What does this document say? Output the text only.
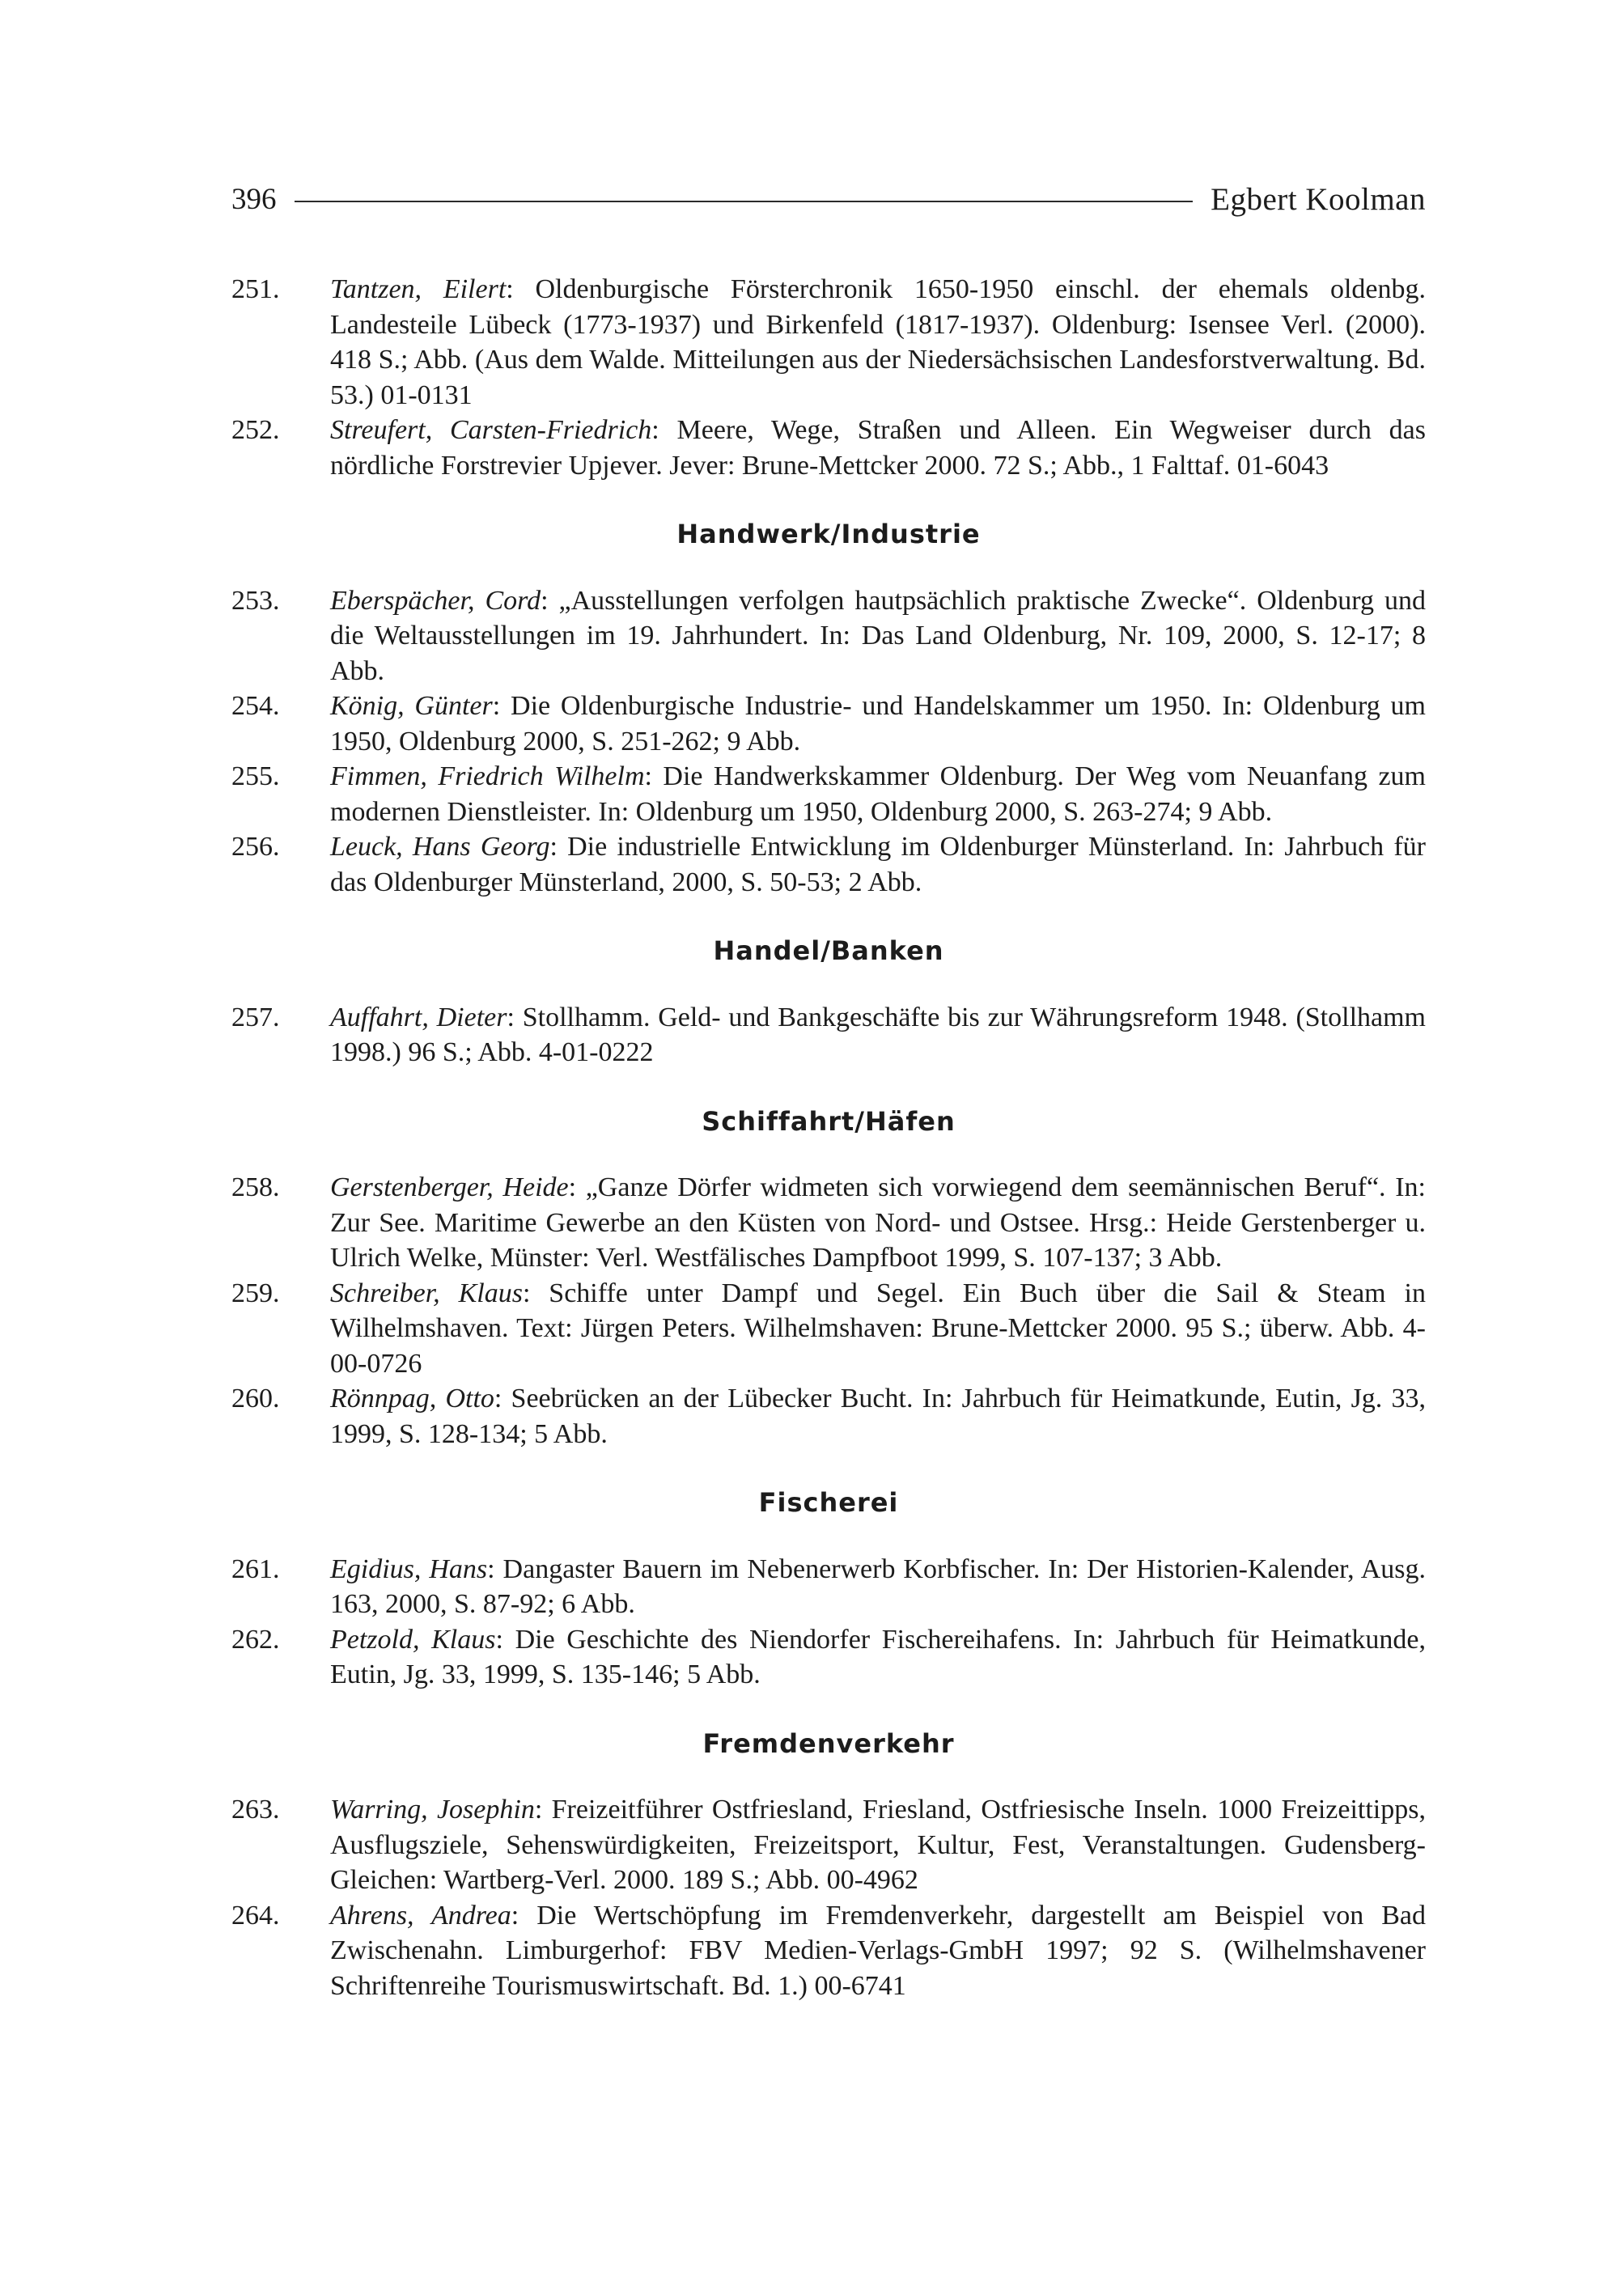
396	Egbert Koolman
251.	Tantzen, Eilert: Oldenburgische Försterchronik 1650-1950 einschl. der ehemals oldenbg. Landesteile Lübeck (1773-1937) und Birkenfeld (1817-1937). Oldenburg: Isensee Verl. (2000). 418 S.; Abb. (Aus dem Walde. Mitteilungen aus der Niedersächsischen Landesforstverwaltung. Bd. 53.) 01-0131
252.	Streufert, Carsten-Friedrich: Meere, Wege, Straßen und Alleen. Ein Wegweiser durch das nördliche Forstrevier Upjever. Jever: Brune-Mettcker 2000. 72 S.; Abb., 1 Falttaf. 01-6043
Handwerk/Industrie
253.	Eberspächer, Cord: „Ausstellungen verfolgen hautpsächlich praktische Zwecke“. Oldenburg und die Weltausstellungen im 19. Jahrhundert. In: Das Land Oldenburg, Nr. 109, 2000, S. 12-17; 8 Abb.
254.	König, Günter: Die Oldenburgische Industrie- und Handelskammer um 1950. In: Oldenburg um 1950, Oldenburg 2000, S. 251-262; 9 Abb.
255.	Fimmen, Friedrich Wilhelm: Die Handwerkskammer Oldenburg. Der Weg vom Neuanfang zum modernen Dienstleister. In: Oldenburg um 1950, Oldenburg 2000, S. 263-274; 9 Abb.
256.	Leuck, Hans Georg: Die industrielle Entwicklung im Oldenburger Münsterland. In: Jahrbuch für das Oldenburger Münsterland, 2000, S. 50-53; 2 Abb.
Handel/Banken
257.	Auffahrt, Dieter: Stollhamm. Geld- und Bankgeschäfte bis zur Währungsreform 1948. (Stollhamm 1998.) 96 S.; Abb. 4-01-0222
Schiffahrt/Häfen
258.	Gerstenberger, Heide: „Ganze Dörfer widmeten sich vorwiegend dem seemännischen Beruf“. In: Zur See. Maritime Gewerbe an den Küsten von Nord- und Ostsee. Hrsg.: Heide Gerstenberger u. Ulrich Welke, Münster: Verl. Westfälisches Dampfboot 1999, S. 107-137; 3 Abb.
259.	Schreiber, Klaus: Schiffe unter Dampf und Segel. Ein Buch über die Sail & Steam in Wilhelmshaven. Text: Jürgen Peters. Wilhelmshaven: Brune-Mettcker 2000. 95 S.; überw. Abb. 4-00-0726
260.	Rönnpag, Otto: Seebrücken an der Lübecker Bucht. In: Jahrbuch für Heimatkunde, Eutin, Jg. 33, 1999, S. 128-134; 5 Abb.
Fischerei
261.	Egidius, Hans: Dangaster Bauern im Nebenerwerb Korbfischer. In: Der Historien-Kalender, Ausg. 163, 2000, S. 87-92; 6 Abb.
262.	Petzold, Klaus: Die Geschichte des Niendorfer Fischereihafens. In: Jahrbuch für Heimatkunde, Eutin, Jg. 33, 1999, S. 135-146; 5 Abb.
Fremdenverkehr
263.	Warring, Josephin: Freizeitführer Ostfriesland, Friesland, Ostfriesische Inseln. 1000 Freizeittipps, Ausflugsziele, Sehenswürdigkeiten, Freizeitsport, Kultur, Fest, Veranstaltungen. Gudensberg-Gleichen: Wartberg-Verl. 2000. 189 S.; Abb. 00-4962
264.	Ahrens, Andrea: Die Wertschöpfung im Fremdenverkehr, dargestellt am Beispiel von Bad Zwischenahn. Limburgerhof: FBV Medien-Verlags-GmbH 1997; 92 S. (Wilhelmshavener Schriftenreihe Tourismuswirtschaft. Bd. 1.) 00-6741
